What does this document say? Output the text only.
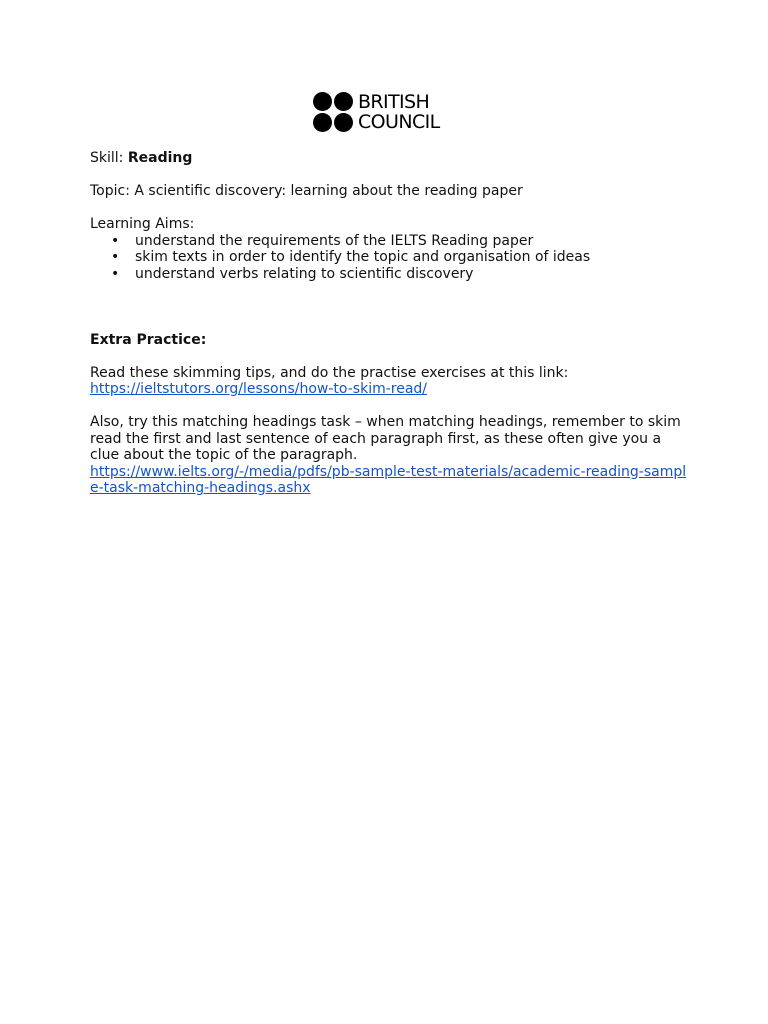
BRITISH
COUNCIL

Skill: Reading

Topic: A scientific discovery: learning about the reading paper

Learning Aims:

• understand the requirements of the IELTS Reading paper
• skim texts in order to identify the topic and organisation of ideas
• understand verbs relating to scientific discovery

Extra Practice:

Read these skimming tips, and do the practise exercises at this link:

https://ieltstutors.org/lessons/how-to-skim-read/

Also, try this matching headings task – when matching headings, remember to skim read the first and last sentence of each paragraph first, as these often give you a clue about the topic of the paragraph.

https://www.ielts.org/-/media/pdfs/pb-sample-test-materials/academic-reading-sample-task-matching-headings.ashx
